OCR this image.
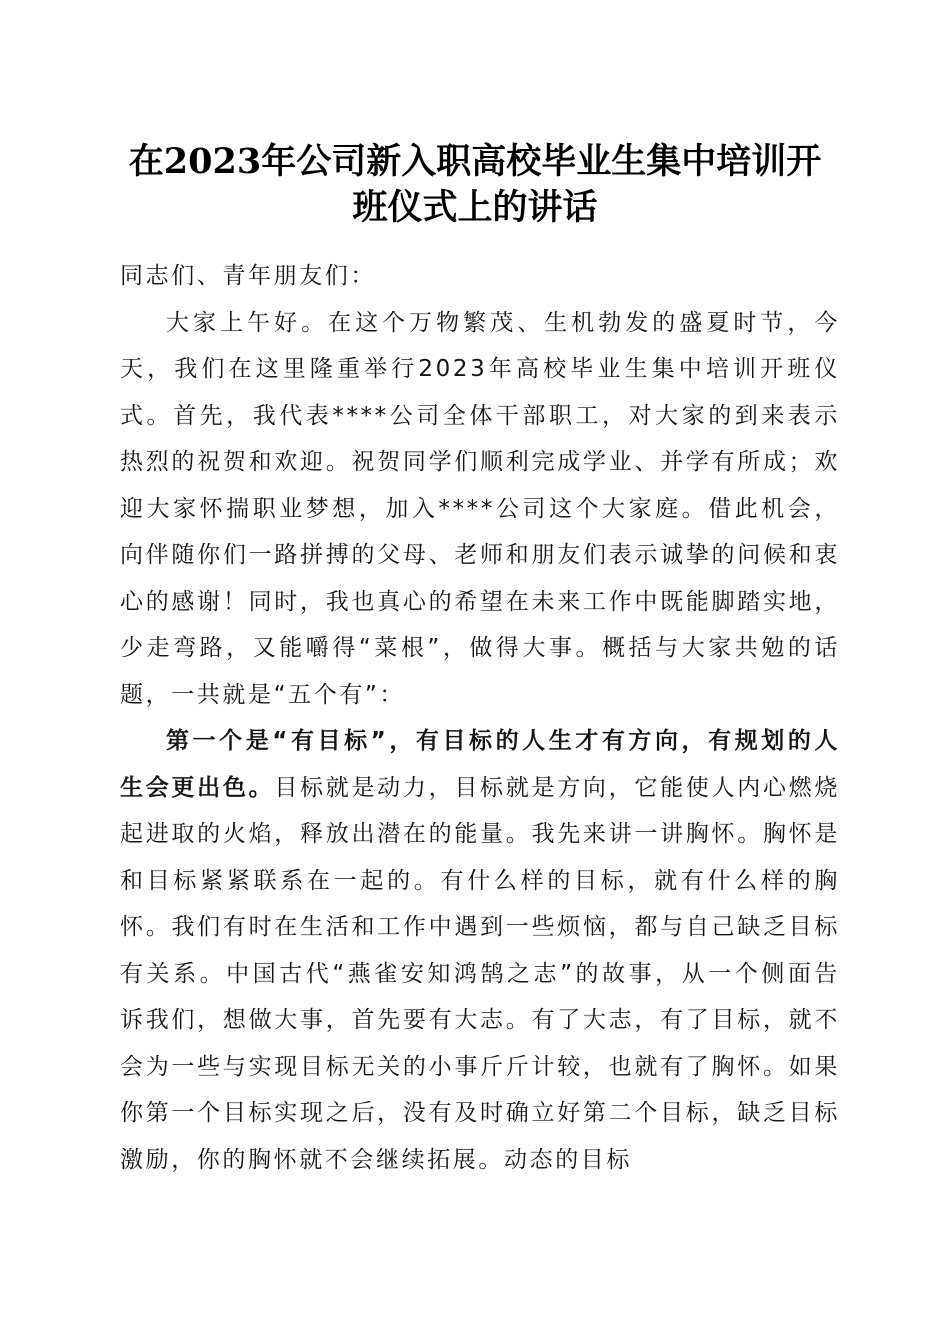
在2023年公司新入职高校毕业生集中培训开
班仪式上的讲话

同志们、青年朋友们：

大家上午好。在这个万物繁茂、生机勃发的盛夏时节，今天，我们在这里隆重举行2023年高校毕业生集中培训开班仪式。首先，我代表****公司全体干部职工，对大家的到来表示热烈的祝贺和欢迎。祝贺同学们顺利完成学业、并学有所成；欢迎大家怀揣职业梦想，加入****公司这个大家庭。借此机会，向伴随你们一路拼搏的父母、老师和朋友们表示诚挚的问候和衷心的感谢！同时，我也真心的希望在未来工作中既能脚踏实地，少走弯路，又能嚼得“菜根”，做得大事。概括与大家共勉的话题，一共就是“五个有”：

第一个是“有目标”，有目标的人生才有方向，有规划的人生会更出色。目标就是动力，目标就是方向，它能使人内心燃烧起进取的火焰，释放出潜在的能量。我先来讲一讲胸怀。胸怀是和目标紧紧联系在一起的。有什么样的目标，就有什么样的胸怀。我们有时在生活和工作中遇到一些烦恼，都与自己缺乏目标有关系。中国古代“燕雀安知鸿鹄之志”的故事，从一个侧面告诉我们，想做大事，首先要有大志。有了大志，有了目标，就不会为一些与实现目标无关的小事斤斤计较，也就有了胸怀。如果你第一个目标实现之后，没有及时确立好第二个目标，缺乏目标激励，你的胸怀就不会继续拓展。动态的目标
